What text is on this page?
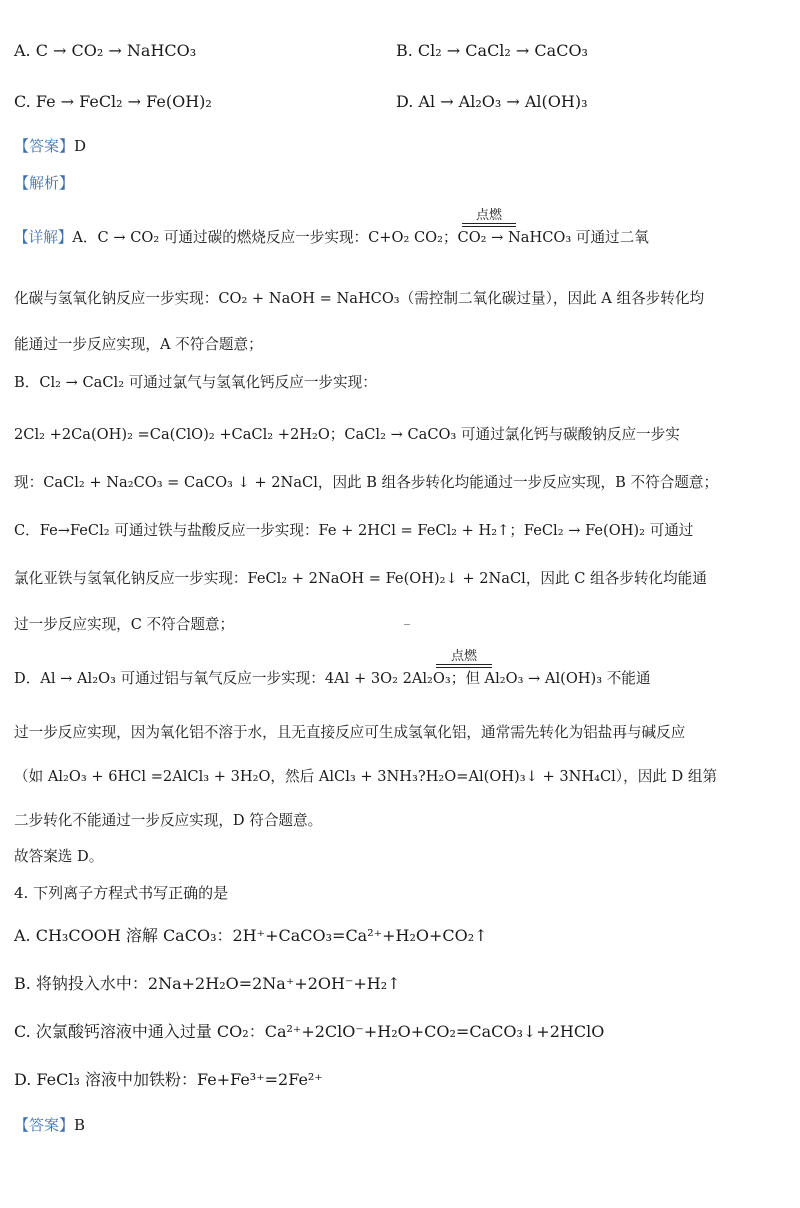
A. C → CO₂ → NaHCO₃	B. Cl₂ → CaCl₂ → CaCO₃
C. Fe → FeCl₂ → Fe(OH)₂	D. Al → Al₂O₃ → Al(OH)₃
【答案】D
【解析】
【详解】A．C → CO₂ 可通过碳的燃烧反应一步实现：C+O₂ CO₂；CO₂ → NaHCO₃ 可通过二氧
点燃
化碳与氢氧化钠反应一步实现：CO₂ + NaOH = NaHCO₃（需控制二氧化碳过量），因此 A 组各步转化均
能通过一步反应实现，A 不符合题意；
B．Cl₂ → CaCl₂ 可通过氯气与氢氧化钙反应一步实现：
2Cl₂ +2Ca(OH)₂ =Ca(ClO)₂ +CaCl₂ +2H₂O；CaCl₂ → CaCO₃ 可通过氯化钙与碳酸钠反应一步实
现：CaCl₂ + Na₂CO₃ = CaCO₃ ↓ + 2NaCl，因此 B 组各步转化均能通过一步反应实现，B 不符合题意；
C．Fe→FeCl₂ 可通过铁与盐酸反应一步实现：Fe + 2HCl = FeCl₂ + H₂↑；FeCl₂ → Fe(OH)₂ 可通过
氯化亚铁与氢氧化钠反应一步实现：FeCl₂ + 2NaOH = Fe(OH)₂↓ + 2NaCl，因此 C 组各步转化均能通
过一步反应实现，C 不符合题意；
D．Al → Al₂O₃ 可通过铝与氧气反应一步实现：4Al + 3O₂ 2Al₂O₃；但 Al₂O₃ → Al(OH)₃ 不能通
点燃
过一步反应实现，因为氧化铝不溶于水，且无直接反应可生成氢氧化铝，通常需先转化为铝盐再与碱反应
（如 Al₂O₃ + 6HCl =2AlCl₃ + 3H₂O，然后 AlCl₃ + 3NH₃?H₂O=Al(OH)₃↓ + 3NH₄Cl），因此 D 组第
二步转化不能通过一步反应实现，D 符合题意。
故答案选 D。
4. 下列离子方程式书写正确的是
A. CH₃COOH 溶解 CaCO₃：2H⁺+CaCO₃=Ca²⁺+H₂O+CO₂↑
B. 将钠投入水中：2Na+2H₂O=2Na⁺+2OH⁻+H₂↑
C. 次氯酸钙溶液中通入过量 CO₂：Ca²⁺+2ClO⁻+H₂O+CO₂=CaCO₃↓+2HClO
D. FeCl₃ 溶液中加铁粉：Fe+Fe³⁺=2Fe²⁺
【答案】B
